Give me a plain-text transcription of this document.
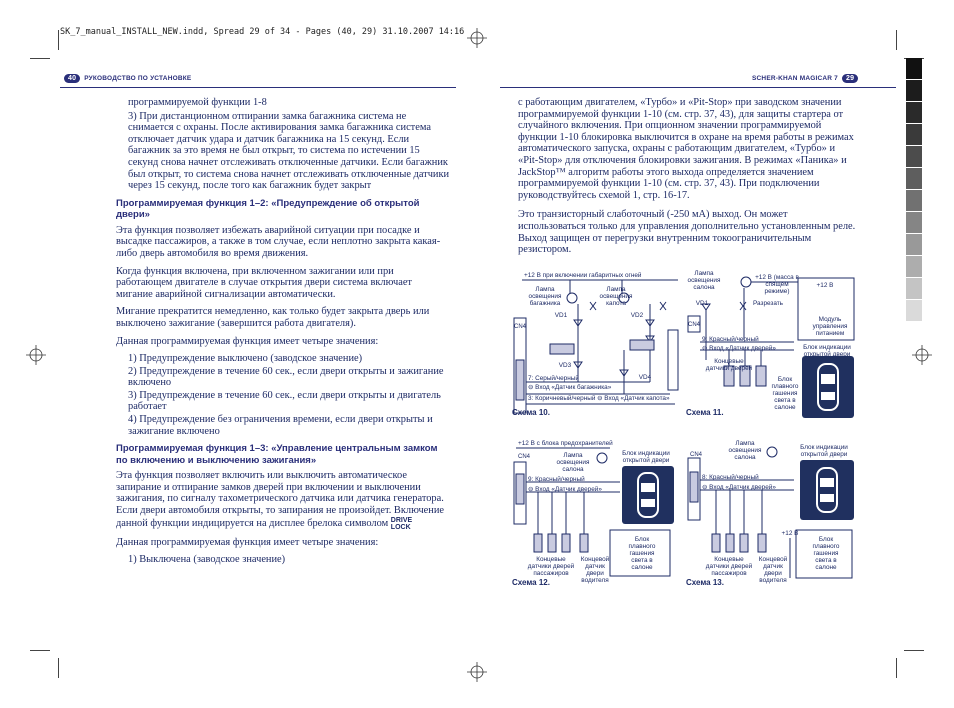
SK_7_manual_INSTALL_NEW.indd, Spread 29 of 34 - Pages (40, 29) 31.10.2007 14:16
40 РУКОВОДСТВО ПО УСТАНОВКЕ	SCHER-KHAN MAGICAR 7 29

программируемой функции 1-8

3) При дистанционном отпирании замка багажника система не снимается с охраны. После активирования замка багажника система отключает датчик удара и датчик багажника на 15 секунд. Если багажник за это время не был открыт, то система по истечении 15 секунд снова начнет отслеживать отключенные датчики. Если багажник был открыт, то система снова начнет отслеживать отключенные датчики через 15 секунд, после того как багажник будет закрыт

Программируемая функция 1–2: «Предупреждение об открытой двери»

Эта функция позволяет избежать аварийной ситуации при посадке и высадке пассажиров, а также в том случае, если неплотно закрыта какая-либо дверь автомобиля во время движения.

Когда функция включена, при включенном зажигании или при работающем двигателе в случае открытия двери система включает мигание аварийной сигнализации автоматически.

Мигание прекратится немедленно, как только будет закрыта дверь или выключено зажигание (завершится работа двигателя).

Данная программируемая функция имеет четыре значения:

1) Предупреждение выключено (заводское значение)

2) Предупреждение в течение 60 сек., если двери открыты и зажигание включено

3) Предупреждение в течение 60 сек., если двери открыты и двигатель работает

4) Предупреждение без ограничения времени, если двери открыты и зажигание включено

Программируемая функция 1–3: «Управление центральным замком по включению и выключению зажигания»

Эта функция позволяет включить или выключить автоматическое запирание и отпирание замков дверей при включении и выключении зажигания, по сигналу тахометрического датчика или датчика генератора. Если двери автомобиля открыты, то запирания не произойдет. Включение данной функции индицируется на дисплее брелока символом DRIVE
LOCK

Данная программируемая функция имеет четыре значения:

1) Выключена (заводское значение)

с работающим двигателем, «Турбо» и «Pit-Stop» при заводском значении программируемой функции 1-10 (см. стр. 37, 43), для защиты стартера от случайного включения. При опционном значении программируемой функции 1-10 блокировка выключится в охране на время работы в режимах автоматического запуска, охраны с работающим двигателем, «Турбо» и «Pit-Stop» для отключения блокировки зажигания. В режимах «Паника» и JackStop™ алгоритм работы этого выхода определяется значением программируемой функции 1-10 (см. стр. 37, 43). При подключении руководствуйтесь схемой 1, стр. 16-17.

Это транзисторный слаботочный (-250 мА) выход. Он может использоваться только для управления дополнительно установленным реле. Выход защищен от перегрузки внутренним токоограничительным резистором.

+12 В при включении габаритных огней
Лампа освещения багажника
Лампа освещения капота
VD1	VD2
VD3
VD4
CN4
7: Серый/черный
⊖ Вход «Датчик багажника»
3: Коричневый/черный ⊖ Вход «Датчик капота»
Схема 10.
Лампа освещения салона
+12 В (масса в спящем режиме)
+12 В
VD1
Модуль управления питанием
Разрезать
CN4
9: Красный/черный
⊖ Вход «Датчик дверей»	Блок индикации открытой двери
Концевые датчики дверей
Блок плавного гашения света в салоне
Схема 11.
+12 В с блока предохранителей
CN4	Лампа освещения салона
Блок индикации открытой двери
9: Красный/черный
⊖ Вход «Датчик дверей»
Концевые датчики дверей пассажиров
Концевой датчик двери водителя
Блок плавного гашения света в салоне
Схема 12.
Лампа освещения салона
Блок индикации открытой двери
CN4
8: Красный/черный
⊖ Вход «Датчик дверей»
+12 В
Концевые датчики дверей пассажиров
Концевой датчик двери водителя
Блок плавного гашения света в салоне
Схема 13.
